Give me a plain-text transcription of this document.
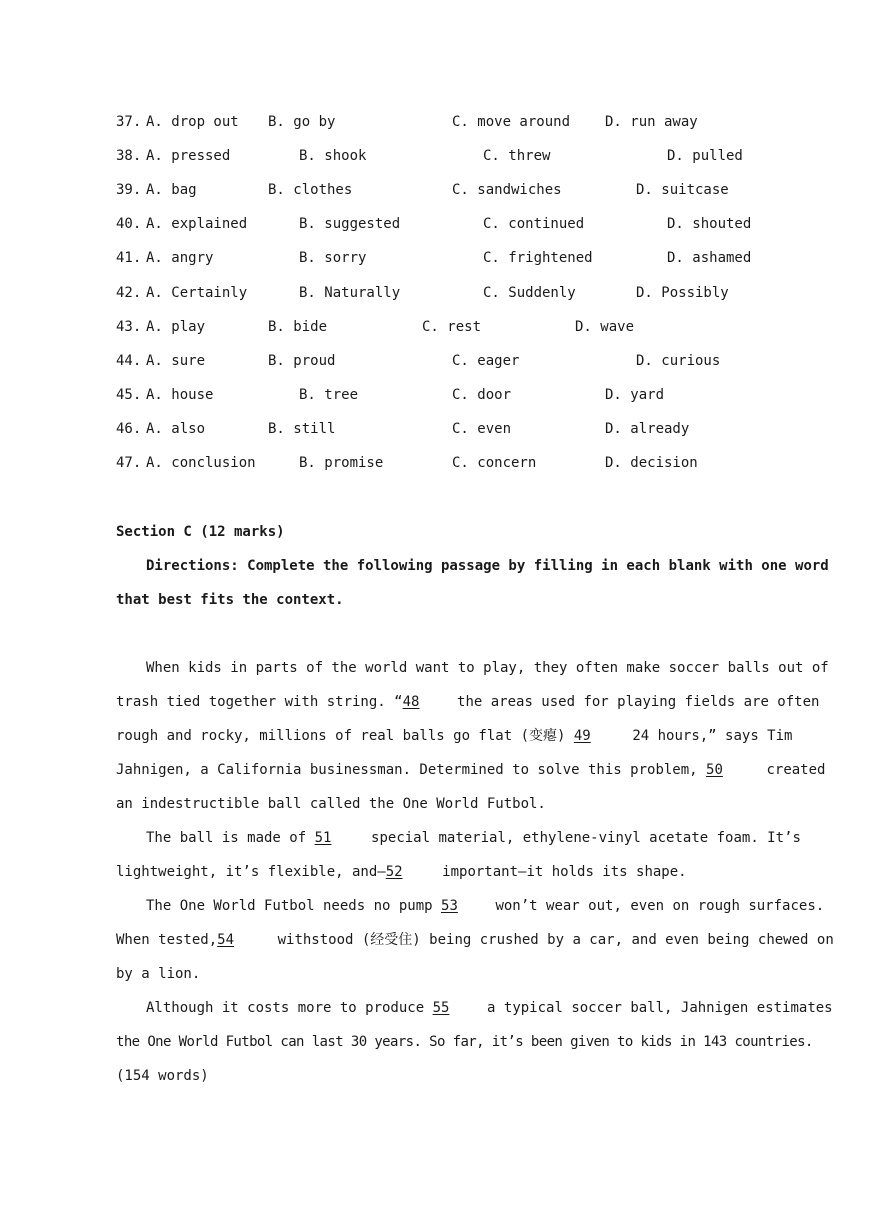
37. A. drop out B. go by	C. move around D. run away
38. A. pressed	B. shook	C. threw	D. pulled
39. A. bag	B. clothes	C. sandwiches	D. suitcase
40. A. explained	B. suggested	C. continued	D. shouted
41. A. angry	B. sorry	C. frightened	D. ashamed
42. A. Certainly	B. Naturally	C. Suddenly	D. Possibly
43. A. play	B. bide	C. rest	D. wave
44. A. sure	B. proud	C. eager	D. curious
45. A. house	B. tree	C. door	D. yard
46. A. also	B. still	C. even	D. already
47. A. conclusion	B. promise	C. concern	D. decision
Section C (12 marks)
Directions: Complete the following passage by filling in each blank with one word
that best fits the context.
When kids in parts of the world want to play, they often make soccer balls out of
trash tied together with string. “48	the areas used for playing fields are often
rough and rocky, millions of real balls go flat (变瘪) 49	24 hours,” says Tim
Jahnigen, a California businessman. Determined to solve this problem, 50	created
an indestructible ball called the One World Futbol.
The ball is made of 51	special material, ethylene-vinyl acetate foam. It’s
lightweight, it’s flexible, and—52	important—it holds its shape.
The One World Futbol needs no pump 53	won’t wear out, even on rough surfaces.
When tested,54	withstood (经受住) being crushed by a car, and even being chewed on
by a lion.
Although it costs more to produce 55	a typical soccer ball, Jahnigen estimates
the One World Futbol can last 30 years. So far, it’s been given to kids in 143 countries.
(154 words)
